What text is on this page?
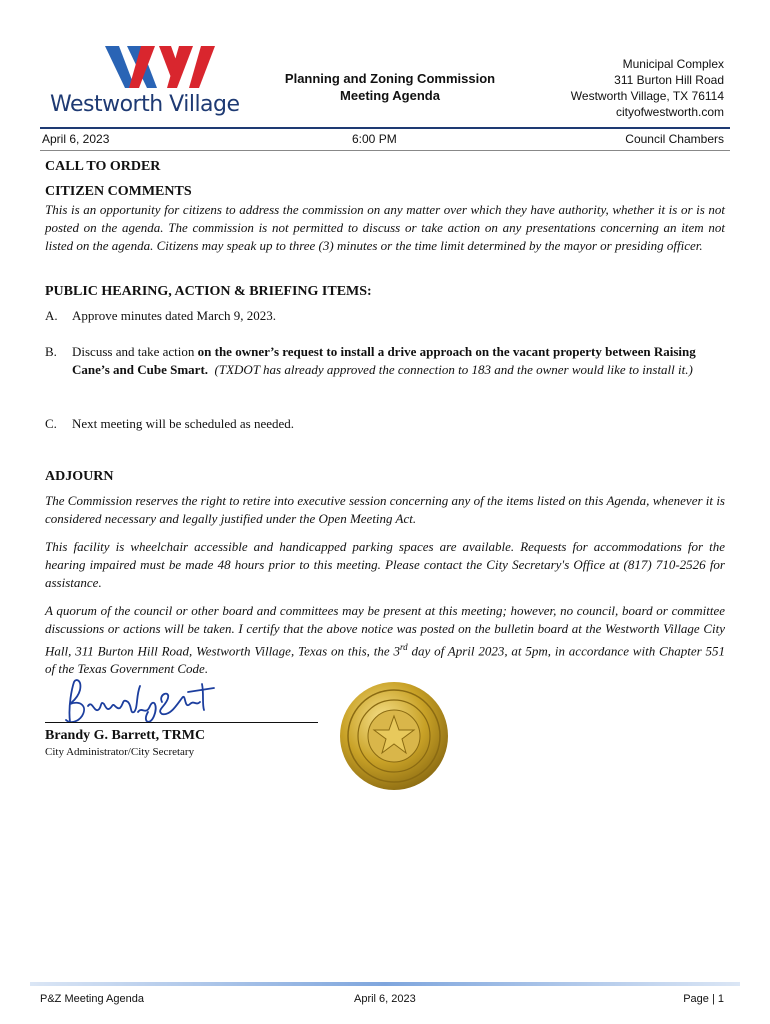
Westworth Village
Planning and Zoning Commission
Meeting Agenda
Municipal Complex
311 Burton Hill Road
Westworth Village, TX 76114
cityofwestworth.com
April 6, 2023	6:00 PM	Council Chambers
CALL TO ORDER
CITIZEN COMMENTS
This is an opportunity for citizens to address the commission on any matter over which they have authority, whether it is or is not posted on the agenda. The commission is not permitted to discuss or take action on any presentations concerning an item not listed on the agenda. Citizens may speak up to three (3) minutes or the time limit determined by the mayor or presiding officer.
PUBLIC HEARING, ACTION & BRIEFING ITEMS:
A. Approve minutes dated March 9, 2023.
B. Discuss and take action on the owner’s request to install a drive approach on the vacant property between Raising Cane’s and Cube Smart. (TXDOT has already approved the connection to 183 and the owner would like to install it.)
C. Next meeting will be scheduled as needed.
ADJOURN
The Commission reserves the right to retire into executive session concerning any of the items listed on this Agenda, whenever it is considered necessary and legally justified under the Open Meeting Act.
This facility is wheelchair accessible and handicapped parking spaces are available. Requests for accommodations for the hearing impaired must be made 48 hours prior to this meeting. Please contact the City Secretary's Office at (817) 710-2526 for assistance.
A quorum of the council or other board and committees may be present at this meeting; however, no council, board or committee discussions or actions will be taken. I certify that the above notice was posted on the bulletin board at the Westworth Village City Hall, 311 Burton Hill Road, Westworth Village, Texas on this, the 3rd day of April 2023, at 5pm, in accordance with Chapter 551 of the Texas Government Code.
Brandy G. Barrett, TRMC
City Administrator/City Secretary
P&Z Meeting Agenda	April 6, 2023	Page | 1
